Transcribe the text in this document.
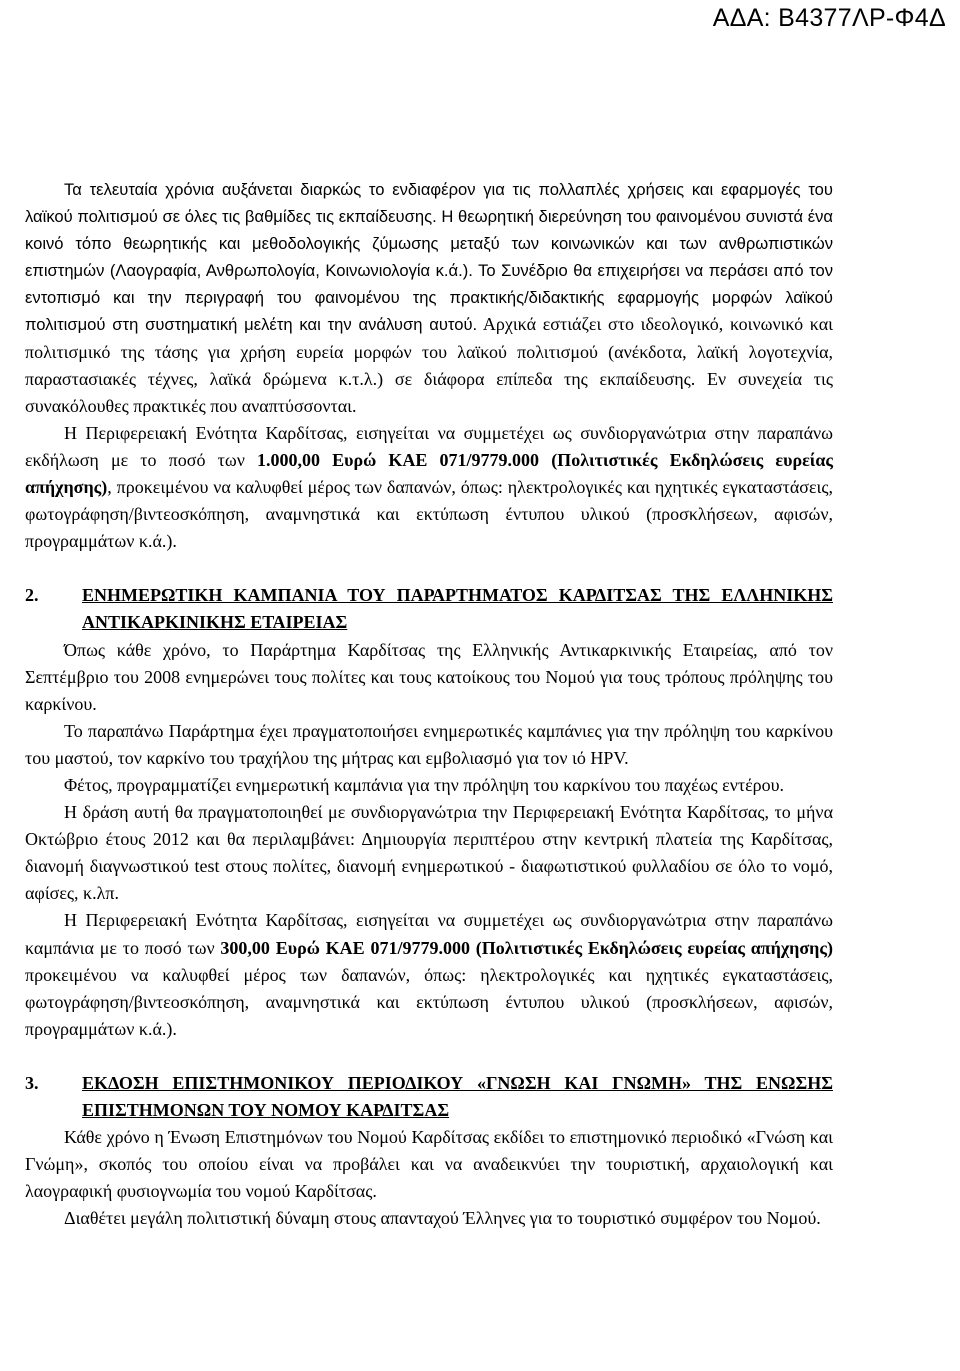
ΑΔΑ: Β4377ΛΡ-Φ4Δ

Τα τελευταία χρόνια αυξάνεται διαρκώς το ενδιαφέρον για τις πολλαπλές χρήσεις και εφαρμογές του λαϊκού πολιτισμού σε όλες τις βαθμίδες τις εκπαίδευσης. Η θεωρητική διερεύνηση του φαινομένου συνιστά ένα κοινό τόπο θεωρητικής και μεθοδολογικής ζύμωσης μεταξύ των κοινωνικών και των ανθρωπιστικών επιστημών (Λαογραφία, Ανθρωπολογία, Κοινωνιολογία κ.ά.). Το Συνέδριο θα επιχειρήσει να περάσει από τον εντοπισμό και την περιγραφή του φαινομένου της πρακτικής/διδακτικής εφαρμογής μορφών λαϊκού πολιτισμού στη συστηματική μελέτη και την ανάλυση αυτού. Αρχικά εστιάζει στο ιδεολογικό, κοινωνικό και πολιτισμικό της τάσης για χρήση ευρεία μορφών του λαϊκού πολιτισμού (ανέκδοτα, λαϊκή λογοτεχνία, παραστασιακές τέχνες, λαϊκά δρώμενα κ.τ.λ.) σε διάφορα επίπεδα της εκπαίδευσης. Εν συνεχεία τις συνακόλουθες πρακτικές που αναπτύσσονται.

Η Περιφερειακή Ενότητα Καρδίτσας, εισηγείται να συμμετέχει ως συνδιοργανώτρια στην παραπάνω εκδήλωση με το ποσό των 1.000,00 Ευρώ ΚΑΕ 071/9779.000 (Πολιτιστικές Εκδηλώσεις ευρείας απήχησης), προκειμένου να καλυφθεί μέρος των δαπανών, όπως: ηλεκτρολογικές και ηχητικές εγκαταστάσεις, φωτογράφηση/βιντεοσκόπηση, αναμνηστικά και εκτύπωση έντυπου υλικού (προσκλήσεων, αφισών, προγραμμάτων κ.ά.).

2.	ΕΝΗΜΕΡΩΤΙΚΗ ΚΑΜΠΑΝΙΑ ΤΟΥ ΠΑΡΑΡΤΗΜΑΤΟΣ ΚΑΡΔΙΤΣΑΣ ΤΗΣ ΕΛΛΗΝΙΚΗΣ ΑΝΤΙΚΑΡΚΙΝΙΚΗΣ ΕΤΑΙΡΕΙΑΣ

Όπως κάθε χρόνο, το Παράρτημα Καρδίτσας της Ελληνικής Αντικαρκινικής Εταιρείας, από τον Σεπτέμβριο του 2008 ενημερώνει τους πολίτες και τους κατοίκους του Νομού για τους τρόπους πρόληψης του καρκίνου.

Το παραπάνω Παράρτημα έχει πραγματοποιήσει ενημερωτικές καμπάνιες για την πρόληψη του καρκίνου του μαστού, τον καρκίνο του τραχήλου της μήτρας και εμβολιασμό για τον ιό HPV.

Φέτος, προγραμματίζει ενημερωτική καμπάνια για την πρόληψη του καρκίνου του παχέως εντέρου.

Η δράση αυτή θα πραγματοποιηθεί με συνδιοργανώτρια την Περιφερειακή Ενότητα Καρδίτσας, το μήνα Οκτώβριο έτους 2012 και θα περιλαμβάνει: Δημιουργία περιπτέρου στην κεντρική πλατεία της Καρδίτσας, διανομή διαγνωστικού test στους πολίτες, διανομή ενημερωτικού - διαφωτιστικού φυλλαδίου σε όλο το νομό, αφίσες, κ.λπ.

Η Περιφερειακή Ενότητα Καρδίτσας, εισηγείται να συμμετέχει ως συνδιοργανώτρια στην παραπάνω καμπάνια με το ποσό των 300,00 Ευρώ ΚΑΕ 071/9779.000 (Πολιτιστικές Εκδηλώσεις ευρείας απήχησης) προκειμένου να καλυφθεί μέρος των δαπανών, όπως: ηλεκτρολογικές και ηχητικές εγκαταστάσεις, φωτογράφηση/βιντεοσκόπηση, αναμνηστικά και εκτύπωση έντυπου υλικού (προσκλήσεων, αφισών, προγραμμάτων κ.ά.).

3.	ΕΚΔΟΣΗ ΕΠΙΣΤΗΜΟΝΙΚΟΥ ΠΕΡΙΟΔΙΚΟΥ «ΓΝΩΣΗ ΚΑΙ ΓΝΩΜΗ» ΤΗΣ ΕΝΩΣΗΣ ΕΠΙΣΤΗΜΟΝΩΝ ΤΟΥ ΝΟΜΟΥ ΚΑΡΔΙΤΣΑΣ

Κάθε χρόνο η Ένωση Επιστημόνων του Νομού Καρδίτσας εκδίδει το επιστημονικό περιοδικό «Γνώση και Γνώμη», σκοπός του οποίου είναι να προβάλει και να αναδεικνύει την τουριστική, αρχαιολογική και λαογραφική φυσιογνωμία του νομού Καρδίτσας.

Διαθέτει μεγάλη πολιτιστική δύναμη στους απανταχού Έλληνες για το τουριστικό συμφέρον του Νομού.
